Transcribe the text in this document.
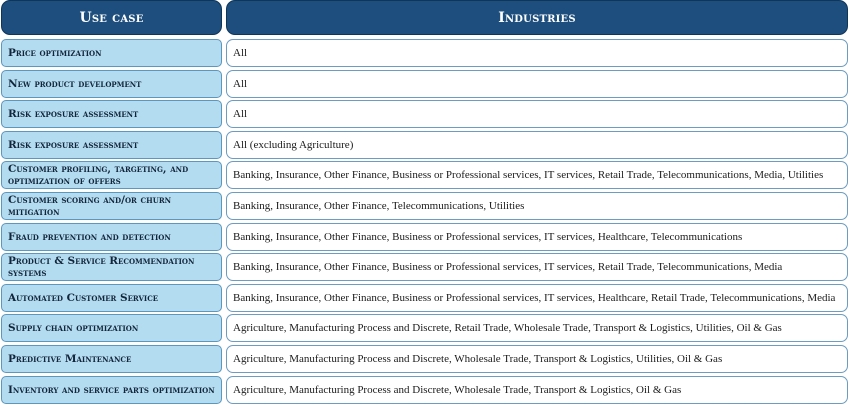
Use case	Industries
Price optimization	All
New product development	All
Risk exposure assessment	All
Risk exposure assessment	All (excluding Agriculture)
Customer profiling, targeting, and optimization of offers	Banking, Insurance, Other Finance, Business or Professional services, IT services, Retail Trade, Telecommunications, Media, Utilities
Customer scoring and/or churn mitigation	Banking, Insurance, Other Finance, Telecommunications, Utilities
Fraud prevention and detection	Banking, Insurance, Other Finance, Business or Professional services, IT services, Healthcare, Telecommunications
Product & Service Recommendation systems	Banking, Insurance, Other Finance, Business or Professional services, IT services, Retail Trade, Telecommunications, Media
Automated Customer Service	Banking, Insurance, Other Finance, Business or Professional services, IT services, Healthcare, Retail Trade, Telecommunications, Media
Supply chain optimization	Agriculture, Manufacturing Process and Discrete, Retail Trade, Wholesale Trade, Transport & Logistics, Utilities, Oil & Gas
Predictive Maintenance	Agriculture, Manufacturing Process and Discrete, Wholesale Trade, Transport & Logistics, Utilities, Oil & Gas
Inventory and service parts optimization	Agriculture, Manufacturing Process and Discrete, Wholesale Trade, Transport & Logistics, Oil & Gas
